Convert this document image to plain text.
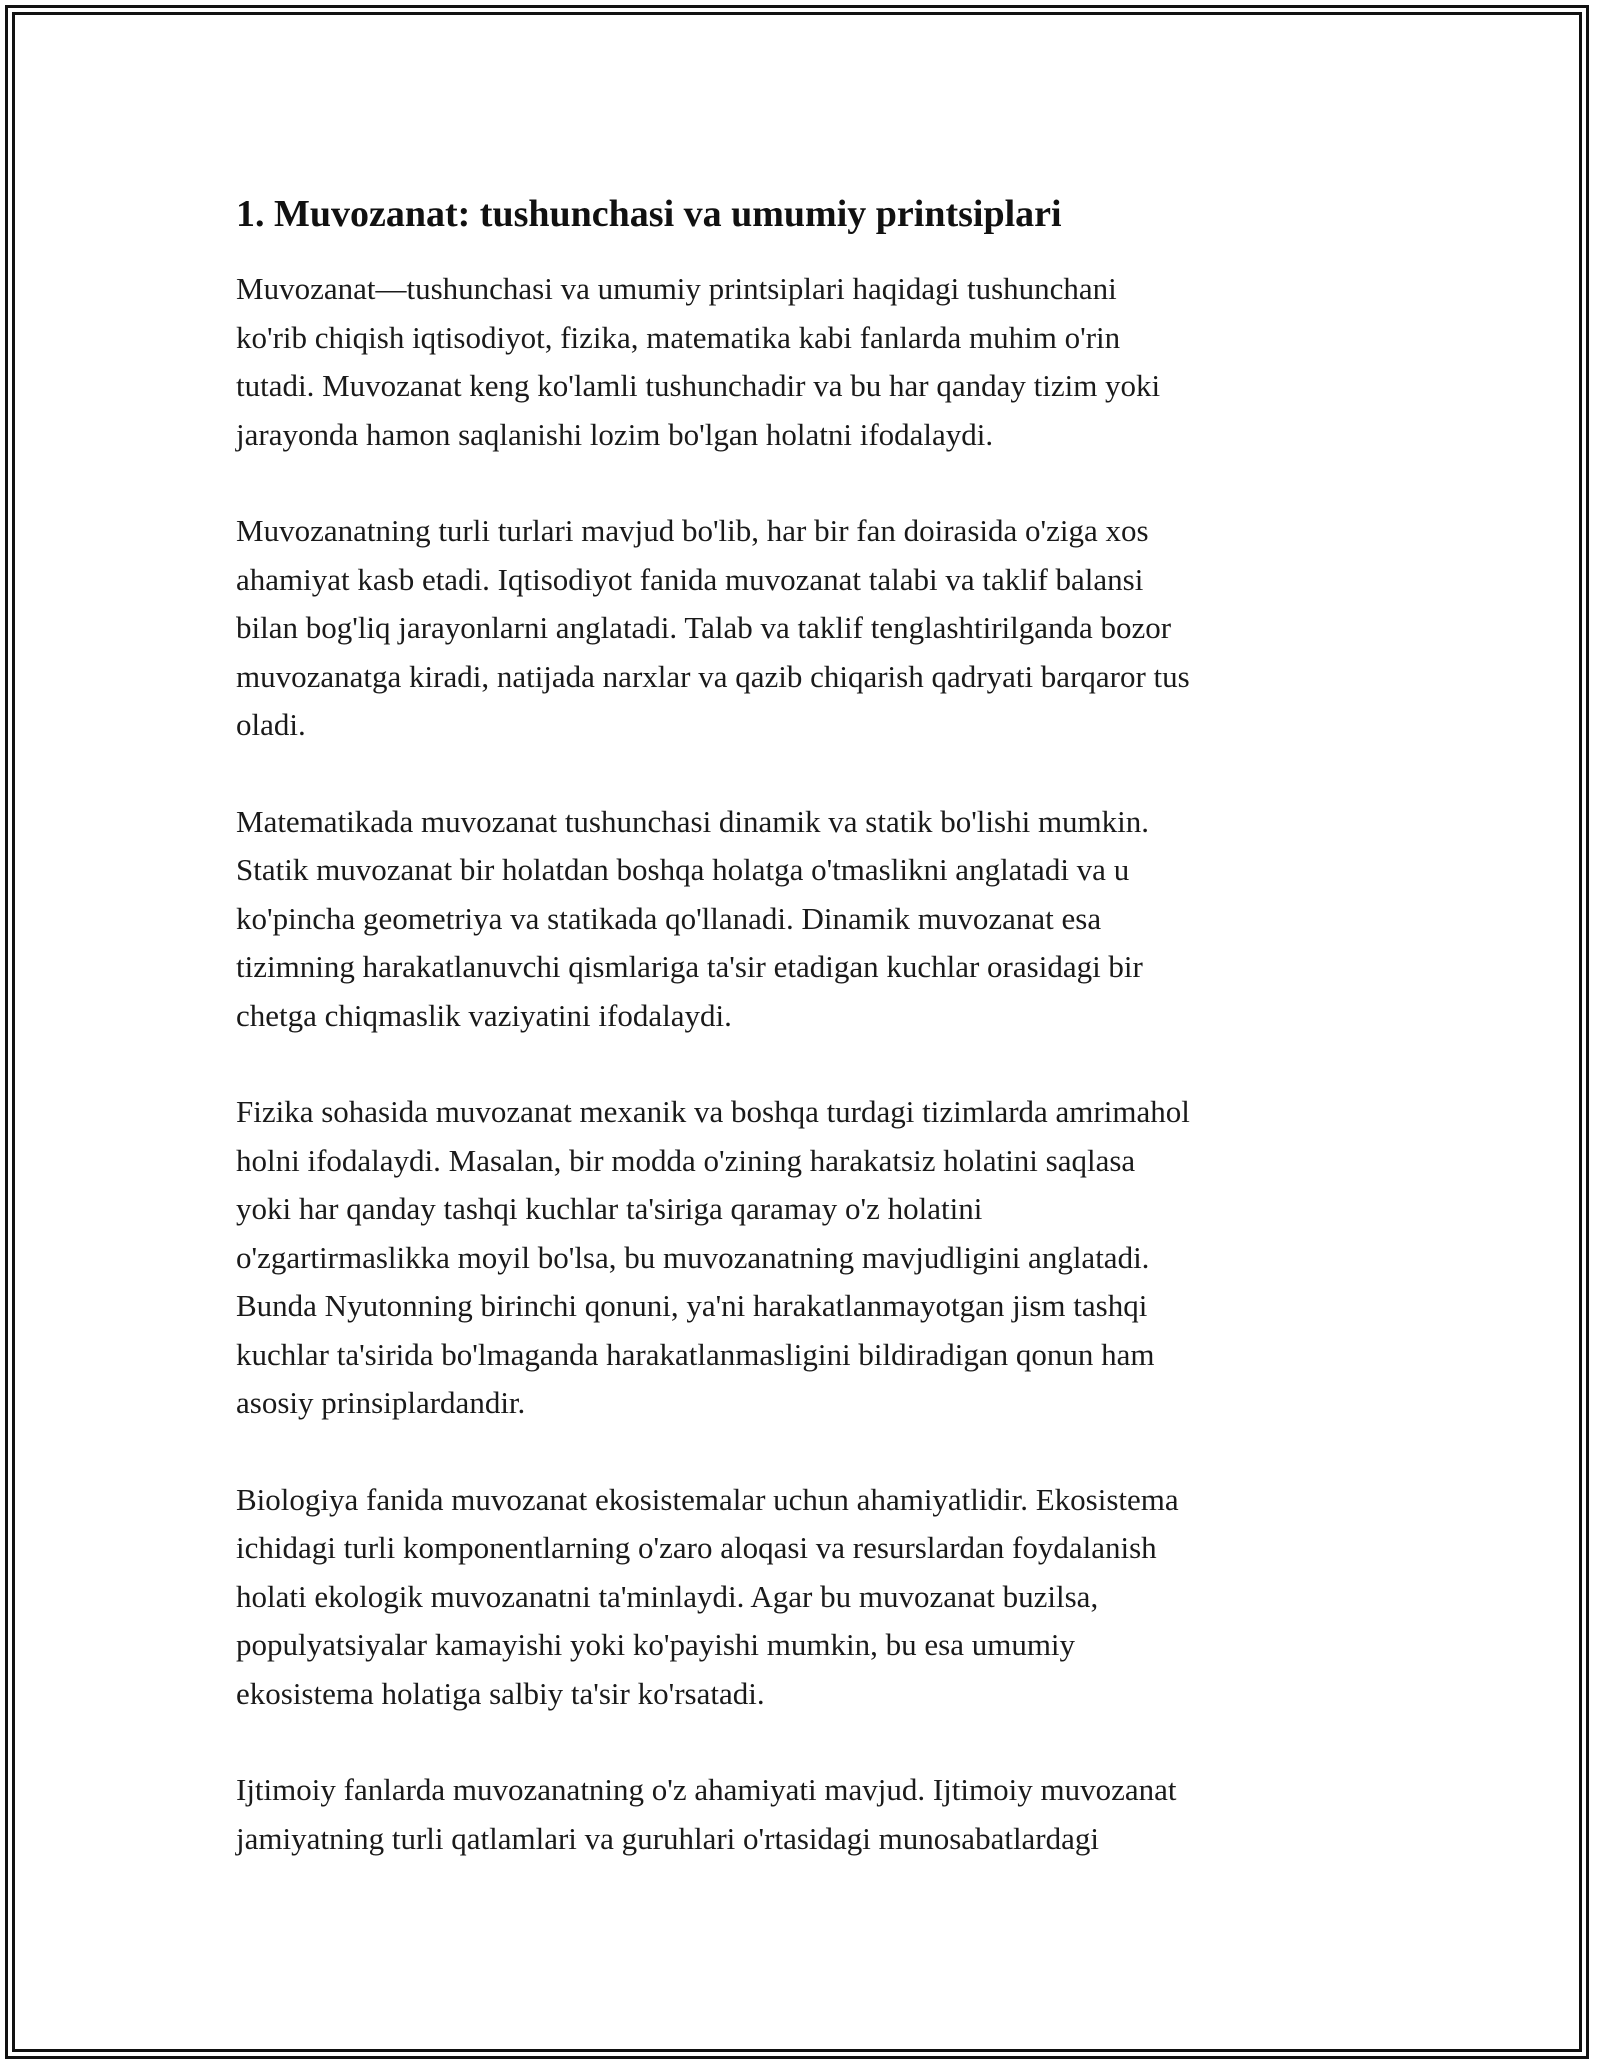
1. Muvozanat: tushunchasi va umumiy printsiplari

Muvozanat—tushunchasi va umumiy printsiplari haqidagi tushunchani
ko'rib chiqish iqtisodiyot, fizika, matematika kabi fanlarda muhim o'rin
tutadi. Muvozanat keng ko'lamli tushunchadir va bu har qanday tizim yoki
jarayonda hamon saqlanishi lozim bo'lgan holatni ifodalaydi.

Muvozanatning turli turlari mavjud bo'lib, har bir fan doirasida o'ziga xos
ahamiyat kasb etadi. Iqtisodiyot fanida muvozanat talabi va taklif balansi
bilan bog'liq jarayonlarni anglatadi. Talab va taklif tenglashtirilganda bozor
muvozanatga kiradi, natijada narxlar va qazib chiqarish qadryati barqaror tus
oladi.

Matematikada muvozanat tushunchasi dinamik va statik bo'lishi mumkin.
Statik muvozanat bir holatdan boshqa holatga o'tmaslikni anglatadi va u
ko'pincha geometriya va statikada qo'llanadi. Dinamik muvozanat esa
tizimning harakatlanuvchi qismlariga ta'sir etadigan kuchlar orasidagi bir
chetga chiqmaslik vaziyatini ifodalaydi.

Fizika sohasida muvozanat mexanik va boshqa turdagi tizimlarda amrimahol
holni ifodalaydi. Masalan, bir modda o'zining harakatsiz holatini saqlasa
yoki har qanday tashqi kuchlar ta'siriga qaramay o'z holatini
o'zgartirmaslikka moyil bo'lsa, bu muvozanatning mavjudligini anglatadi.
Bunda Nyutonning birinchi qonuni, ya'ni harakatlanmayotgan jism tashqi
kuchlar ta'sirida bo'lmaganda harakatlanmasligini bildiradigan qonun ham
asosiy prinsiplardandir.

Biologiya fanida muvozanat ekosistemalar uchun ahamiyatlidir. Ekosistema
ichidagi turli komponentlarning o'zaro aloqasi va resurslardan foydalanish
holati ekologik muvozanatni ta'minlaydi. Agar bu muvozanat buzilsa,
populyatsiyalar kamayishi yoki ko'payishi mumkin, bu esa umumiy
ekosistema holatiga salbiy ta'sir ko'rsatadi.

Ijtimoiy fanlarda muvozanatning o'z ahamiyati mavjud. Ijtimoiy muvozanat
jamiyatning turli qatlamlari va guruhlari o'rtasidagi munosabatlardagi
